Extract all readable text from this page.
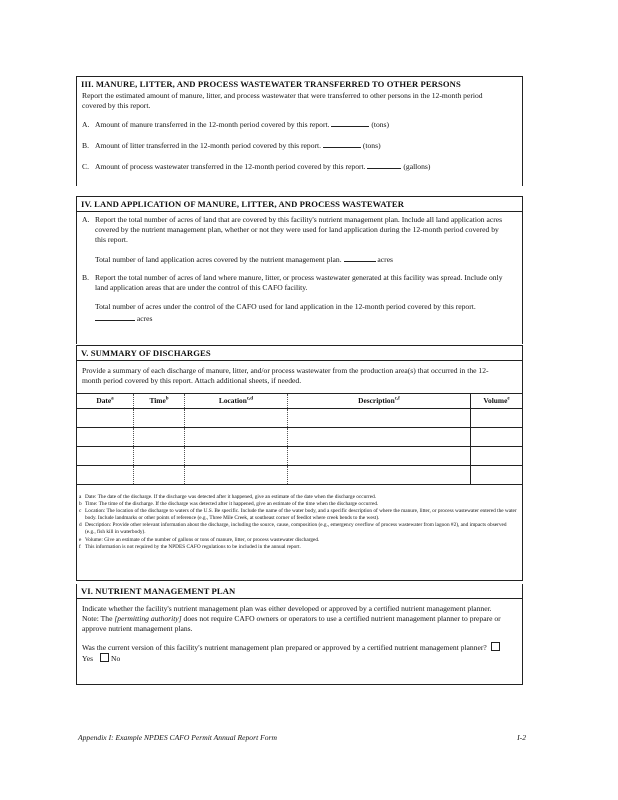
III. MANURE, LITTER, AND PROCESS WASTEWATER TRANSFERRED TO OTHER PERSONS
Report the estimated amount of manure, litter, and process wastewater that were transferred to other persons in the 12-month period covered by this report.
A. Amount of manure transferred in the 12-month period covered by this report.	(tons)
B. Amount of litter transferred in the 12-month period covered by this report.	(tons)
C. Amount of process wastewater transferred in the 12-month period covered by this report.	(gallons)
IV. LAND APPLICATION OF MANURE, LITTER, AND PROCESS WASTEWATER
A. Report the total number of acres of land that are covered by this facility's nutrient management plan. Include all land application acres covered by the nutrient management plan, whether or not they were used for land application during the 12-month period covered by this report.
Total number of land application acres covered by the nutrient management plan.	acres
B. Report the total number of acres of land where manure, litter, or process wastewater generated at this facility was spread. Include only land application areas that are under the control of this CAFO facility.
Total number of acres under the control of the CAFO used for land application in the 12-month period covered by this report.  acres
V. SUMMARY OF DISCHARGES
Provide a summary of each discharge of manure, litter, and/or process wastewater from the production area(s) that occurred in the 12-month period covered by this report. Attach additional sheets, if needed.
Date$^a$	Time$^b$	Location$^{c,d}$	Description$^{c,f}$	Volume$^e$

a Date: The date of the discharge. If the discharge was detected after it happened, give an estimate of the date when the discharge occurred.
b Time: The time of the discharge. If the discharge was detected after it happened, give an estimate of the time when the discharge occurred.
c Location: The location of the discharge to waters of the U.S. Be specific. Include the name of the water body, and a specific description of where the manure, litter, or process wastewater entered the water body. Include landmarks or other points of reference (e.g., Three Mile Creek, at southeast corner of feedlot where creek bends to the west).
d Description: Provide other relevant information about the discharge, including the source, cause, composition (e.g., emergency overflow of process wastewater from lagoon #2), and impacts observed (e.g., fish kill in waterbody).
e Volume: Give an estimate of the number of gallons or tons of manure, litter, or process wastewater discharged.
f This information is not required by the NPDES CAFO regulations to be included in the annual report.
VI. NUTRIENT MANAGEMENT PLAN
Indicate whether the facility's nutrient management plan was either developed or approved by a certified nutrient management planner. Note: The [permitting authority] does not require CAFO owners or operators to use a certified nutrient management planner to prepare or approve nutrient management plans.
Was the current version of this facility's nutrient management plan prepared or approved by a certified nutrient management planner? Yes No
Appendix I: Example NPDES CAFO Permit Annual Report Form	I-2
